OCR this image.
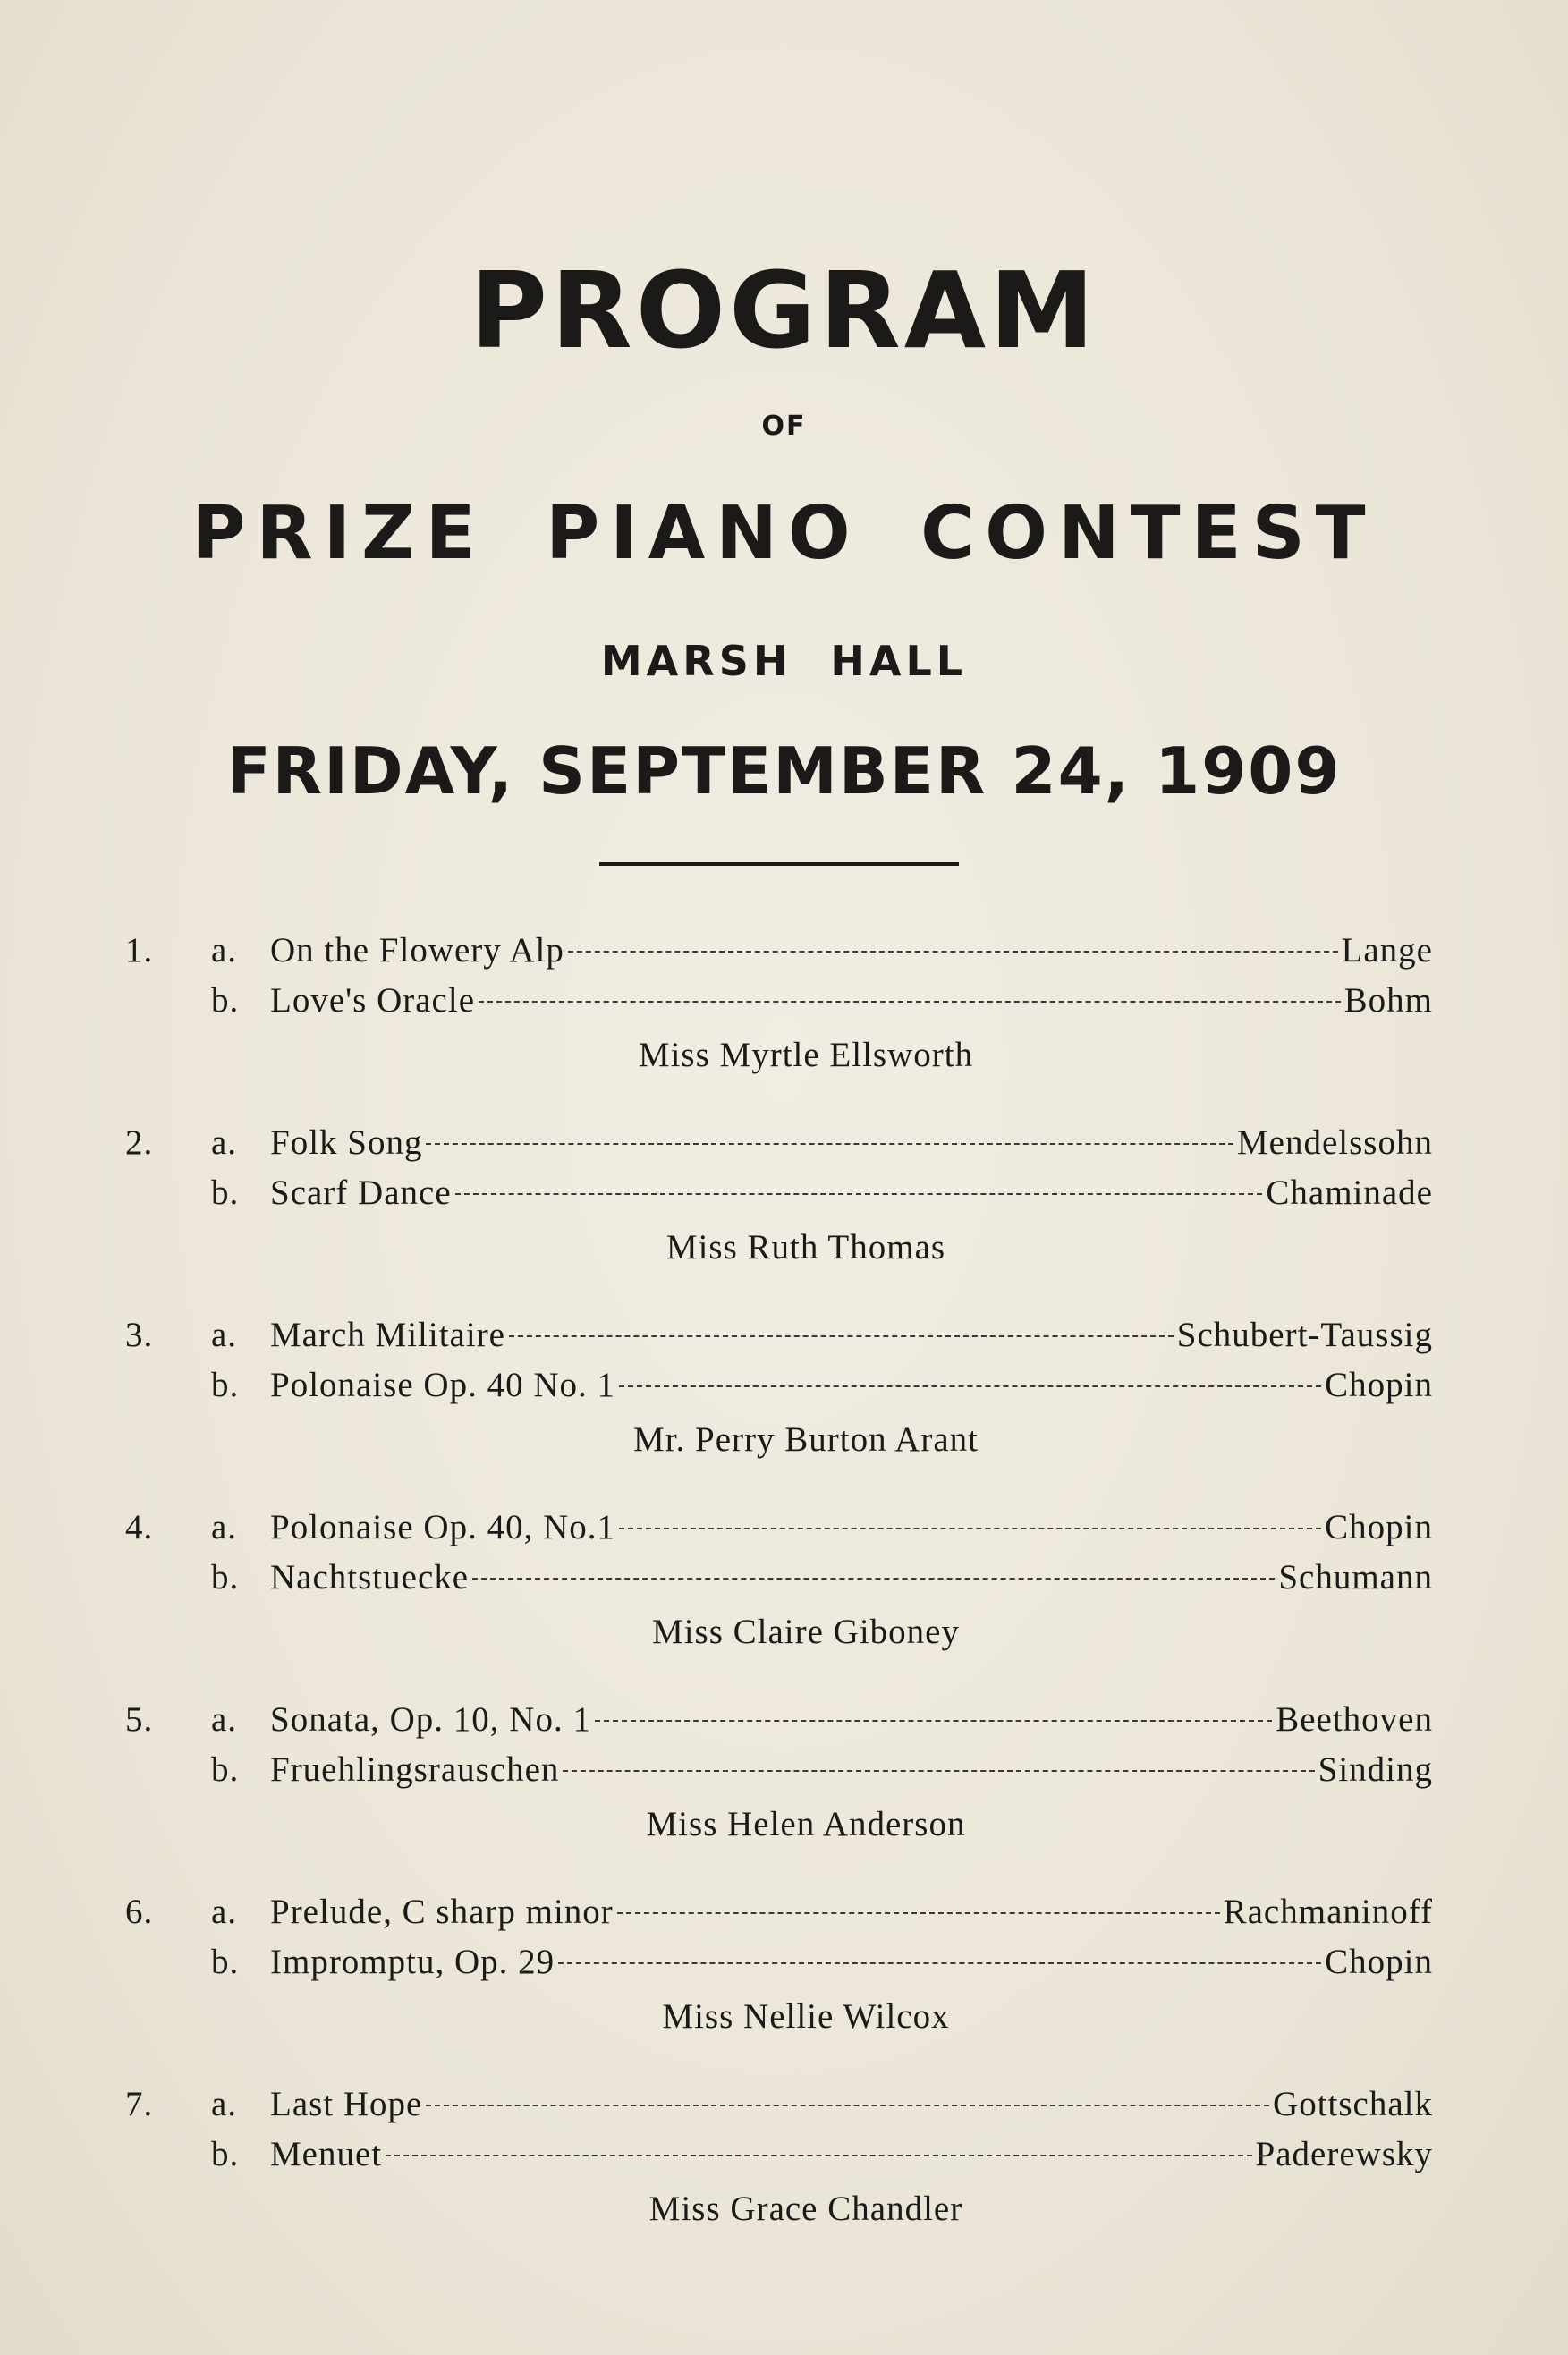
PROGRAM
OF
PRIZE PIANO CONTEST
MARSH HALL
FRIDAY, SEPTEMBER 24, 1909
1.	a. On the Flowery Alp	Lange
b. Love's Oracle	Bohm
Miss Myrtle Ellsworth
2.	a. Folk Song	Mendelssohn
b. Scarf Dance	Chaminade
Miss Ruth Thomas
3.	a. March Militaire	Schubert-Taussig
b. Polonaise Op. 40 No. 1	Chopin
Mr. Perry Burton Arant
4.	a. Polonaise Op. 40, No.1	Chopin
b. Nachtstuecke	Schumann
Miss Claire Giboney
5.	a. Sonata, Op. 10, No. 1	Beethoven
b. Fruehlingsrauschen	Sinding
Miss Helen Anderson
6.	a. Prelude, C sharp minor	Rachmaninoff
b. Impromptu, Op. 29	Chopin
Miss Nellie Wilcox
7.	a. Last Hope	Gottschalk
b. Menuet	Paderewsky
Miss Grace Chandler
